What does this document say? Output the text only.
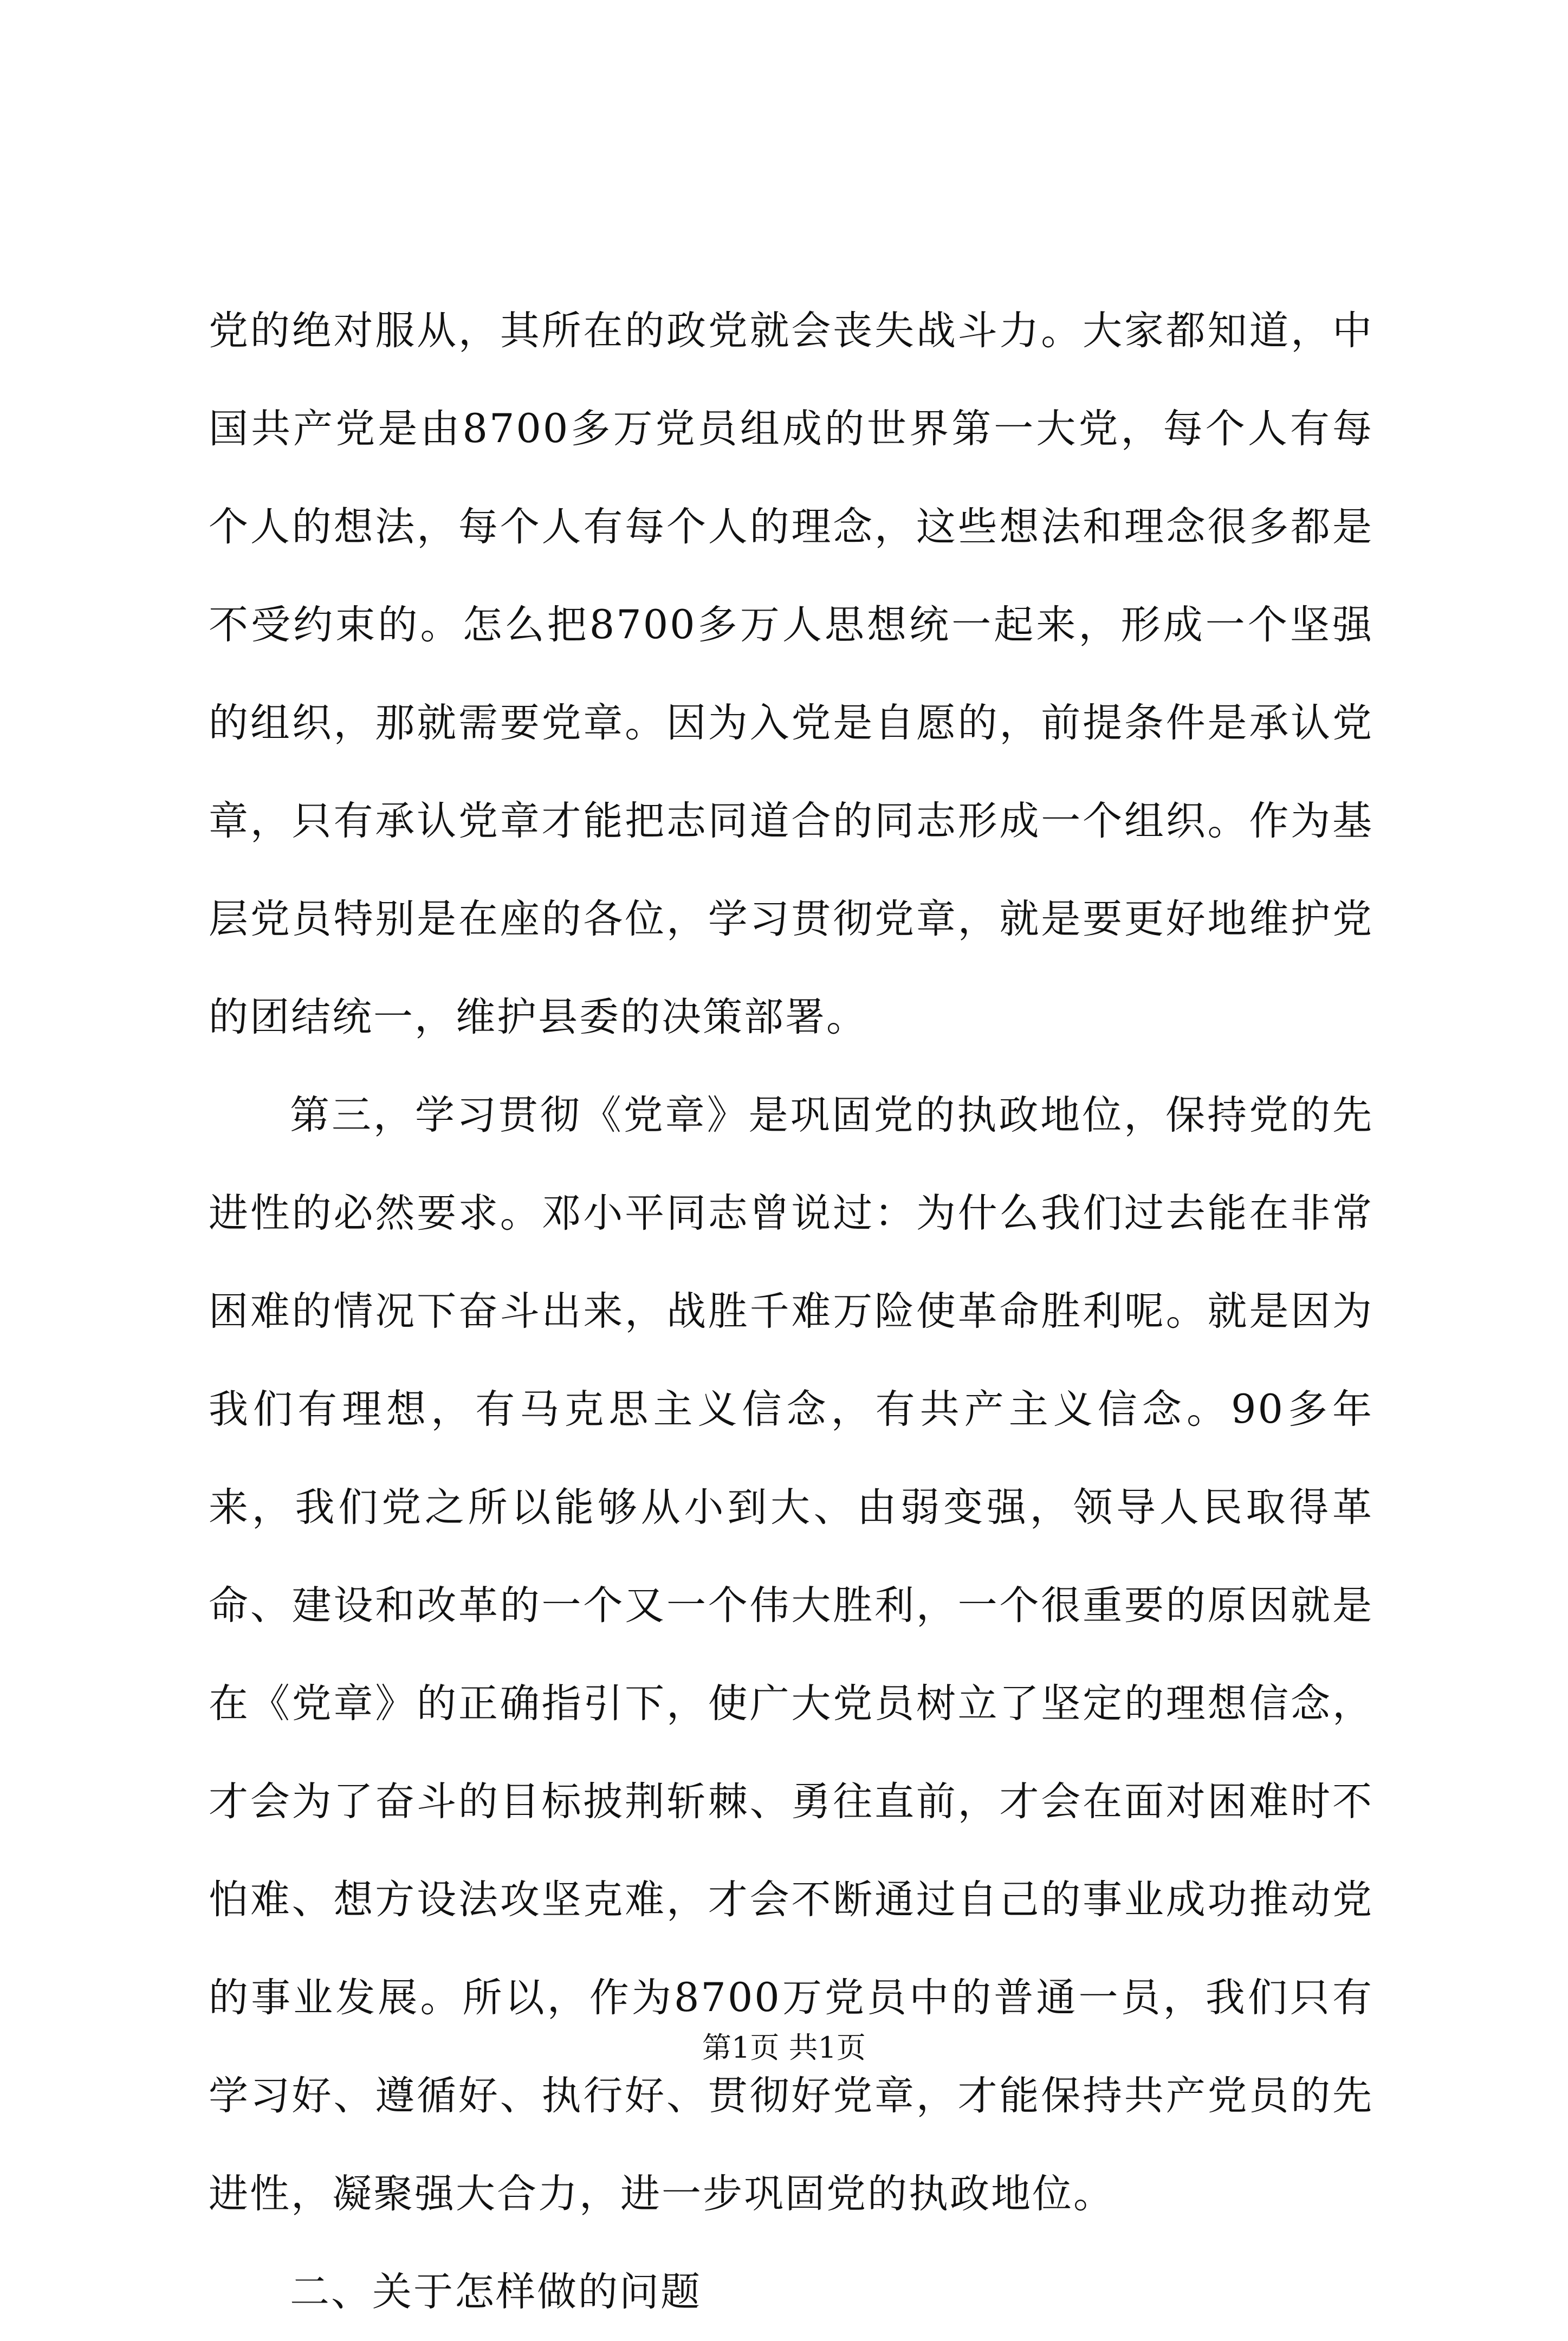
党的绝对服从，其所在的政党就会丧失战斗力。大家都知道，中国共产党是由8700多万党员组成的世界第一大党，每个人有每个人的想法，每个人有每个人的理念，这些想法和理念很多都是不受约束的。怎么把8700多万人思想统一起来，形成一个坚强的组织，那就需要党章。因为入党是自愿的，前提条件是承认党章，只有承认党章才能把志同道合的同志形成一个组织。作为基层党员特别是在座的各位，学习贯彻党章，就是要更好地维护党的团结统一，维护县委的决策部署。

第三，学习贯彻《党章》是巩固党的执政地位，保持党的先进性的必然要求。邓小平同志曾说过：为什么我们过去能在非常困难的情况下奋斗出来，战胜千难万险使革命胜利呢。就是因为我们有理想，有马克思主义信念，有共产主义信念。90多年来，我们党之所以能够从小到大、由弱变强，领导人民取得革命、建设和改革的一个又一个伟大胜利，一个很重要的原因就是在《党章》的正确指引下，使广大党员树立了坚定的理想信念，才会为了奋斗的目标披荆斩棘、勇往直前，才会在面对困难时不怕难、想方设法攻坚克难，才会不断通过自己的事业成功推动党的事业发展。所以，作为8700万党员中的普通一员，我们只有学习好、遵循好、执行好、贯彻好党章，才能保持共产党员的先进性，凝聚强大合力，进一步巩固党的执政地位。

二、关于怎样做的问题

第1页 共1页
